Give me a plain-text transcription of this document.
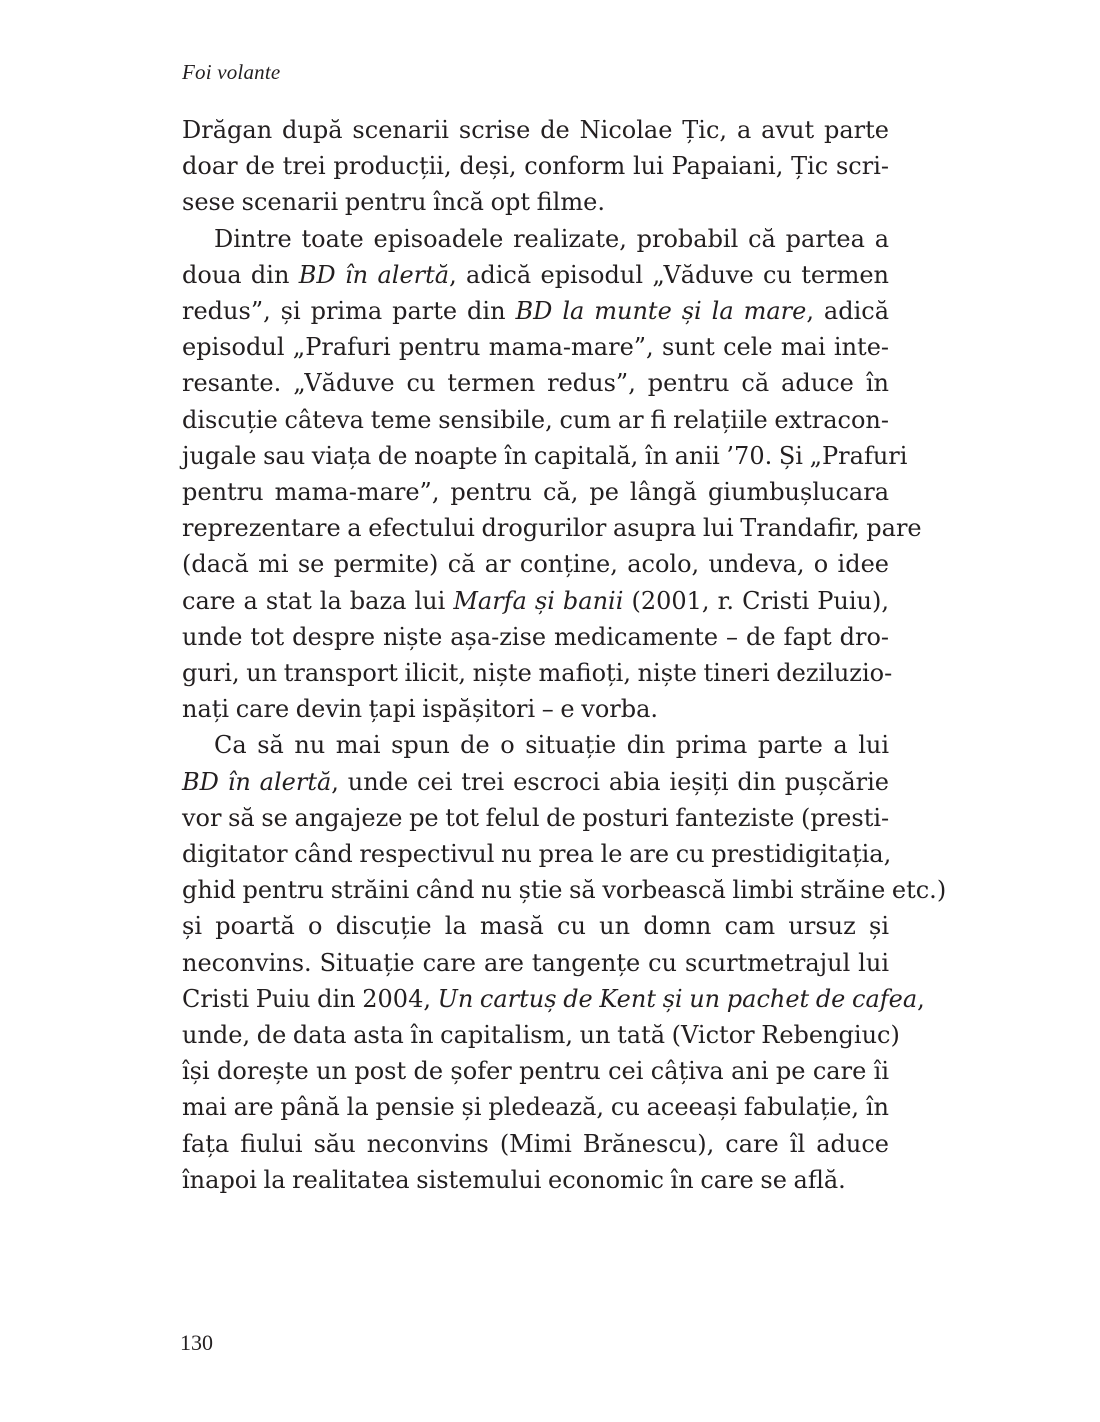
Foi volante
Drăgan după scenarii scrise de Nicolae Țic, a avut parte
doar de trei producții, deși, conform lui Papaiani, Țic scri-
sese scenarii pentru încă opt filme.
Dintre toate episoadele realizate, probabil că partea a
doua din BD în alertă, adică episodul „Văduve cu termen
redus”, și prima parte din BD la munte și la mare, adică
episodul „Prafuri pentru mama-mare”, sunt cele mai inte-
resante. „Văduve cu termen redus”, pentru că aduce în
discuție câteva teme sensibile, cum ar fi relațiile extracon-
jugale sau viața de noapte în capitală, în anii ’70. Și „Prafuri
pentru mama-mare”, pentru că, pe lângă giumbușlucara
reprezentare a efectului drogurilor asupra lui Trandafir, pare
(dacă mi se permite) că ar conține, acolo, undeva, o idee
care a stat la baza lui Marfa și banii (2001, r. Cristi Puiu),
unde tot despre niște așa-zise medicamente – de fapt dro-
guri, un transport ilicit, niște mafioți, niște tineri deziluzio-
nați care devin țapi ispășitori – e vorba.
Ca să nu mai spun de o situație din prima parte a lui
BD în alertă, unde cei trei escroci abia ieșiți din pușcărie
vor să se angajeze pe tot felul de posturi fanteziste (presti-
digitator când respectivul nu prea le are cu prestidigitația,
ghid pentru străini când nu știe să vorbească limbi străine etc.)
și poartă o discuție la masă cu un domn cam ursuz și
neconvins. Situație care are tangențe cu scurtmetrajul lui
Cristi Puiu din 2004, Un cartuș de Kent și un pachet de cafea,
unde, de data asta în capitalism, un tată (Victor Rebengiuc)
își dorește un post de șofer pentru cei câțiva ani pe care îi
mai are până la pensie și pledează, cu aceeași fabulație, în
fața fiului său neconvins (Mimi Brănescu), care îl aduce
înapoi la realitatea sistemului economic în care se află.
130
